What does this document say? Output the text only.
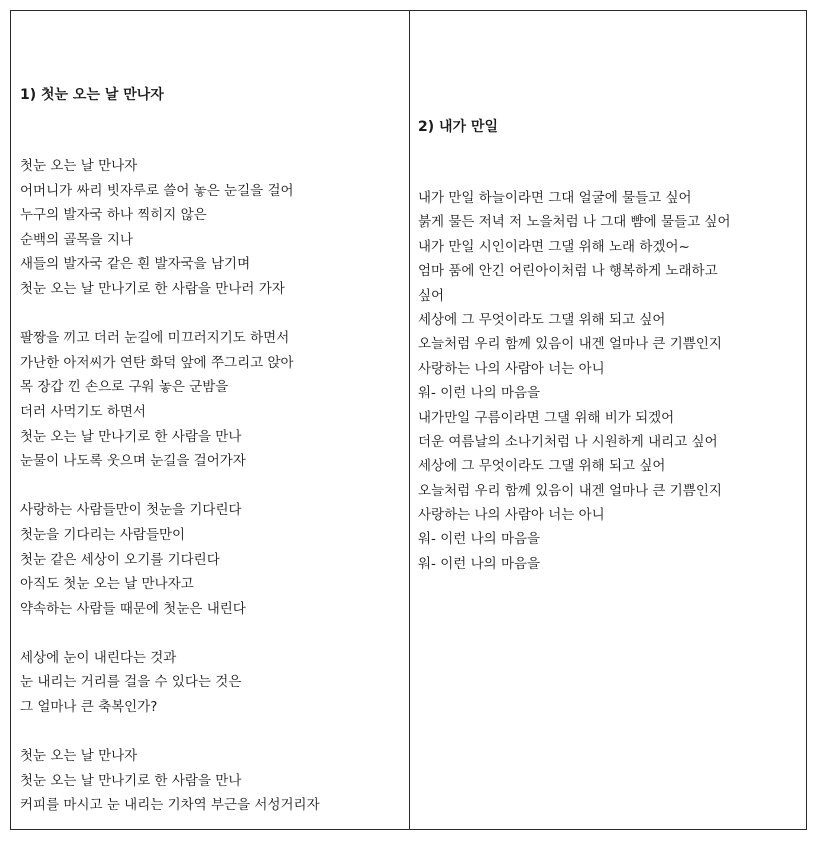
1) 첫눈 오는 날 만나자
첫눈 오는 날 만나자
어머니가 싸리 빗자루로 쓸어 놓은 눈길을 걸어
누구의 발자국 하나 찍히지 않은
순백의 골목을 지나
새들의 발자국 같은 흰 발자국을 남기며
첫눈 오는 날 만나기로 한 사람을 만나러 가자
팔짱을 끼고 더러 눈길에 미끄러지기도 하면서
가난한 아저씨가 연탄 화덕 앞에 쭈그리고 앉아
목 장갑 낀 손으로 구워 놓은 군밤을
더러 사먹기도 하면서
첫눈 오는 날 만나기로 한 사람을 만나
눈물이 나도록 웃으며 눈길을 걸어가자
사랑하는 사람들만이 첫눈을 기다린다
첫눈을 기다리는 사람들만이
첫눈 같은 세상이 오기를 기다린다
아직도 첫눈 오는 날 만나자고
약속하는 사람들 때문에 첫눈은 내린다
세상에 눈이 내린다는 것과
눈 내리는 거리를 걸을 수 있다는 것은
그 얼마나 큰 축복인가?
첫눈 오는 날 만나자
첫눈 오는 날 만나기로 한 사람을 만나
커피를 마시고 눈 내리는 기차역 부근을 서성거리자
2) 내가 만일
내가 만일 하늘이라면 그대 얼굴에 물들고 싶어
붉게 물든 저녁 저 노을처럼 나 그대 뺨에 물들고 싶어
내가 만일 시인이라면 그댈 위해 노래 하겠어~
엄마 품에 안긴 어린아이처럼 나 행복하게 노래하고
싶어
세상에 그 무엇이라도 그댈 위해 되고 싶어
오늘처럼 우리 함께 있음이 내겐 얼마나 큰 기쁨인지
사랑하는 나의 사람아 너는 아니
워- 이런 나의 마음을
내가만일 구름이라면 그댈 위해 비가 되겠어
더운 여름날의 소나기처럼 나 시원하게 내리고 싶어
세상에 그 무엇이라도 그댈 위해 되고 싶어
오늘처럼 우리 함께 있음이 내겐 얼마나 큰 기쁨인지
사랑하는 나의 사람아 너는 아니
워- 이런 나의 마음을
워- 이런 나의 마음을
